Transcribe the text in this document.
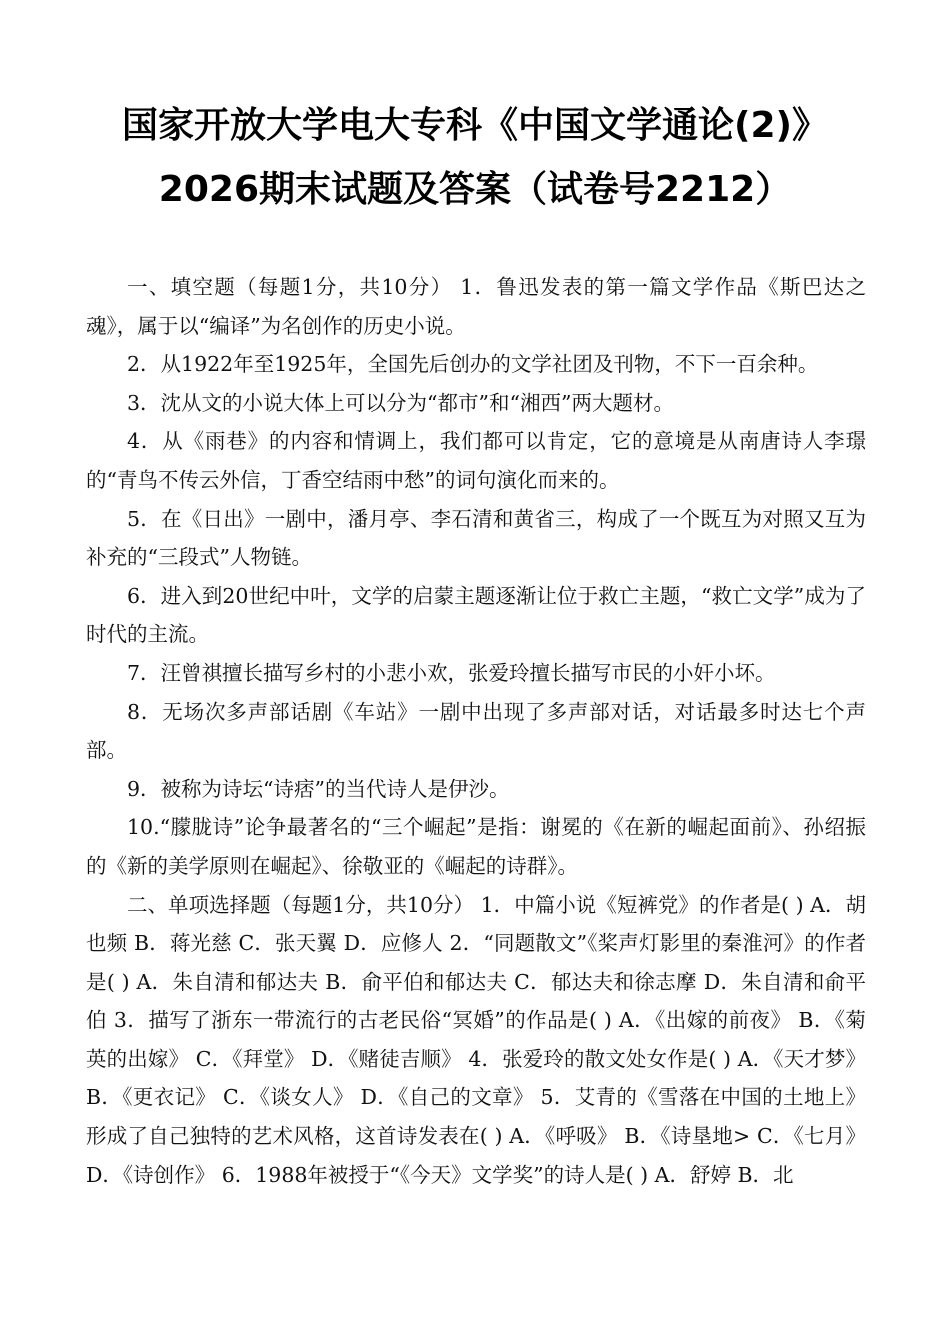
国家开放大学电大专科《中国文学通论(2)》
2026期末试题及答案（试卷号2212）

一、填空题（每题1分，共10分） 1．鲁迅发表的第一篇文学作品《斯巴达之魂》，属于以“编译”为名创作的历史小说。

2．从1922年至1925年，全国先后创办的文学社团及刊物，不下一百余种。

3．沈从文的小说大体上可以分为“都市”和“湘西”两大题材。

4．从《雨巷》的内容和情调上，我们都可以肯定，它的意境是从南唐诗人李璟的“青鸟不传云外信，丁香空结雨中愁”的词句演化而来的。

5．在《日出》一剧中，潘月亭、李石清和黄省三，构成了一个既互为对照又互为补充的“三段式”人物链。

6．进入到20世纪中叶，文学的启蒙主题逐渐让位于救亡主题，“救亡文学”成为了时代的主流。

7．汪曾祺擅长描写乡村的小悲小欢，张爱玲擅长描写市民的小奸小坏。

8．无场次多声部话剧《车站》一剧中出现了多声部对话，对话最多时达七个声部。

9．被称为诗坛“诗痞”的当代诗人是伊沙。

10.“朦胧诗”论争最著名的“三个崛起”是指：谢冕的《在新的崛起面前》、孙绍振的《新的美学原则在崛起》、徐敬亚的《崛起的诗群》。

二、单项选择题（每题1分，共10分） 1．中篇小说《短裤党》的作者是( ) A．胡也频 B．蒋光慈 C．张天翼 D．应修人 2．“同题散文”《桨声灯影里的秦淮河》的作者是( ) A．朱自清和郁达夫 B．俞平伯和郁达夫 C．郁达夫和徐志摩 D．朱自清和俞平伯 3．描写了浙东一带流行的古老民俗“冥婚”的作品是( ) A．《出嫁的前夜》 B．《菊英的出嫁》 C．《拜堂》 D．《赌徒吉顺》 4．张爱玲的散文处女作是( ) A．《天才梦》 B．《更衣记》 C．《谈女人》 D．《自己的文章》 5．艾青的《雪落在中国的土地上》形成了自己独特的艺术风格，这首诗发表在( ) A．《呼吸》 B．《诗垦地> C．《七月》 D．《诗创作》 6．1988年被授于“《今天》文学奖”的诗人是( ) A．舒婷 B．北
